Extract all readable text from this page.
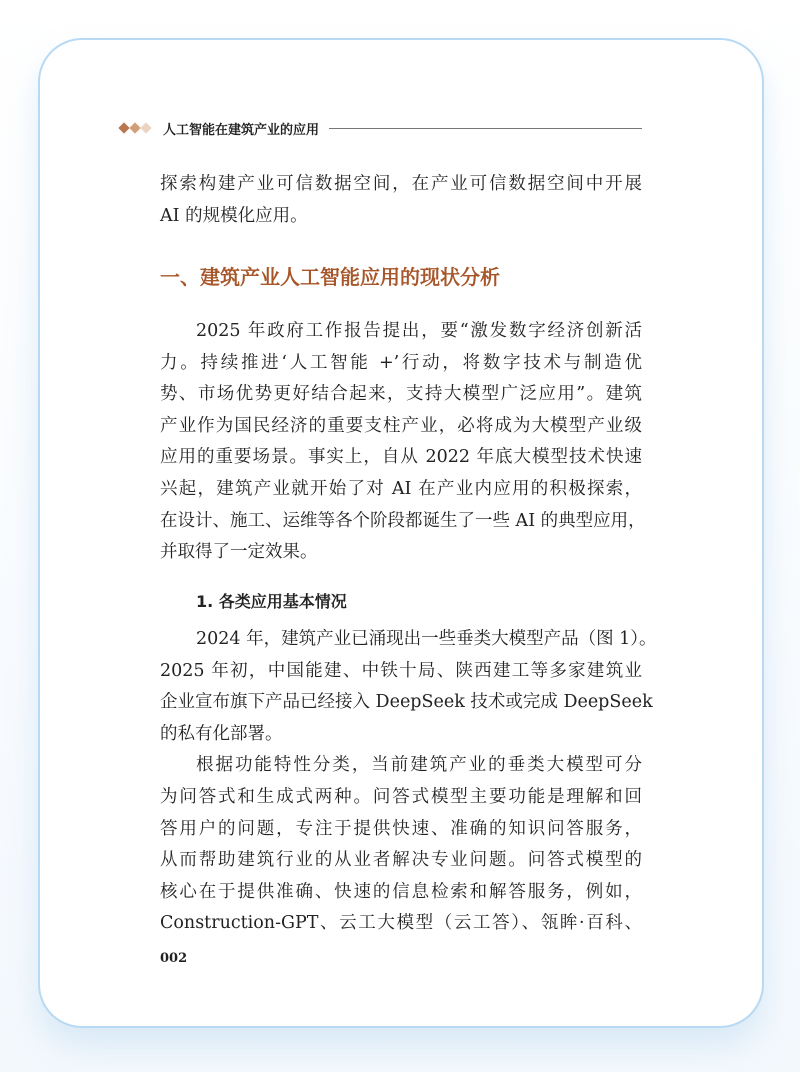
人工智能在建筑产业的应用
探索构建产业可信数据空间，在产业可信数据空间中开展
AI 的规模化应用。
一、建筑产业人工智能应用的现状分析
2025 年政府工作报告提出，要“激发数字经济创新活
力。持续推进‘人工智能 +’行动，将数字技术与制造优
势、市场优势更好结合起来，支持大模型广泛应用”。建筑
产业作为国民经济的重要支柱产业，必将成为大模型产业级
应用的重要场景。事实上，自从 2022 年底大模型技术快速
兴起，建筑产业就开始了对 AI 在产业内应用的积极探索，
在设计、施工、运维等各个阶段都诞生了一些 AI 的典型应用，
并取得了一定效果。
1. 各类应用基本情况
2024 年，建筑产业已涌现出一些垂类大模型产品（图 1）。
2025 年初，中国能建、中铁十局、陕西建工等多家建筑业
企业宣布旗下产品已经接入 DeepSeek 技术或完成 DeepSeek
的私有化部署。
根据功能特性分类，当前建筑产业的垂类大模型可分
为问答式和生成式两种。问答式模型主要功能是理解和回
答用户的问题，专注于提供快速、准确的知识问答服务，
从而帮助建筑行业的从业者解决专业问题。问答式模型的
核心在于提供准确、快速的信息检索和解答服务，例如，
Construction-GPT、云工大模型（云工答）、瓴眸·百科、
002
